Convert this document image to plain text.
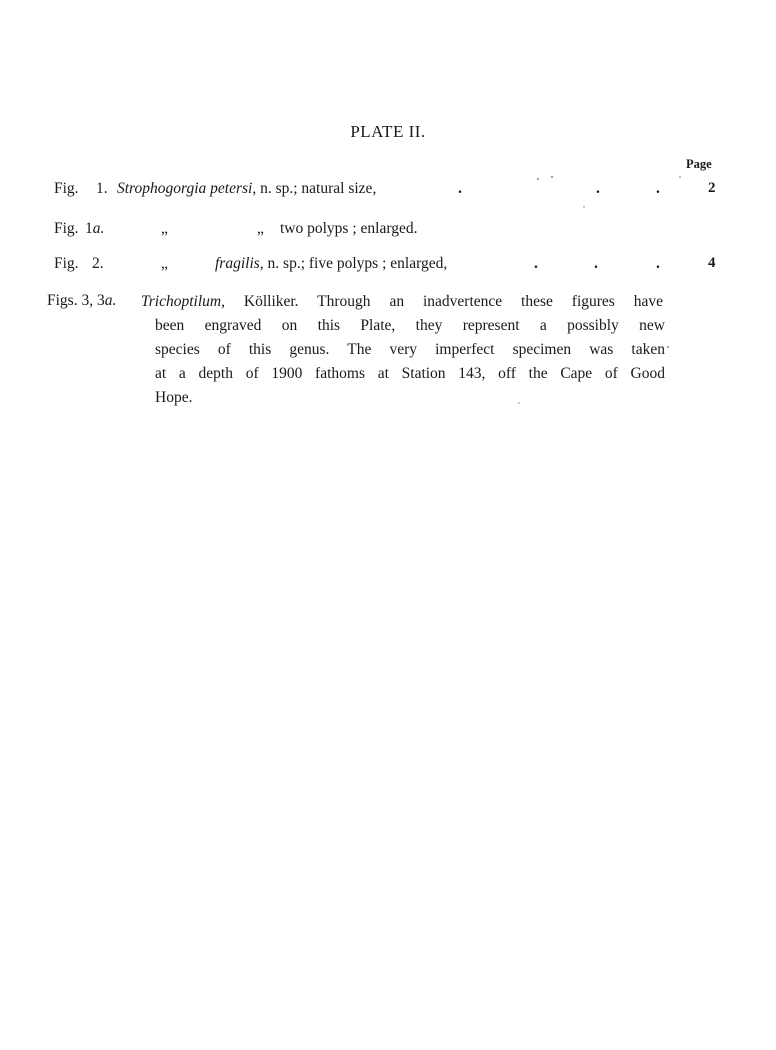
PLATE II.
Page
Fig. 1. Strophogorgia petersi, n. sp.; natural size,	.	.	.	2
Fig. 1a.	„	„ two polyps ; enlarged.
Fig. 2.	„	fragilis, n. sp.; five polyps ; enlarged,	.	.	.	4
Figs. 3, 3a. Trichoptilum, Kölliker. Through an inadvertence these figures have
been engraved on this Plate, they represent a possibly new
species of this genus. The very imperfect specimen was taken
at a depth of 1900 fathoms at Station 143, off the Cape of Good
Hope.
